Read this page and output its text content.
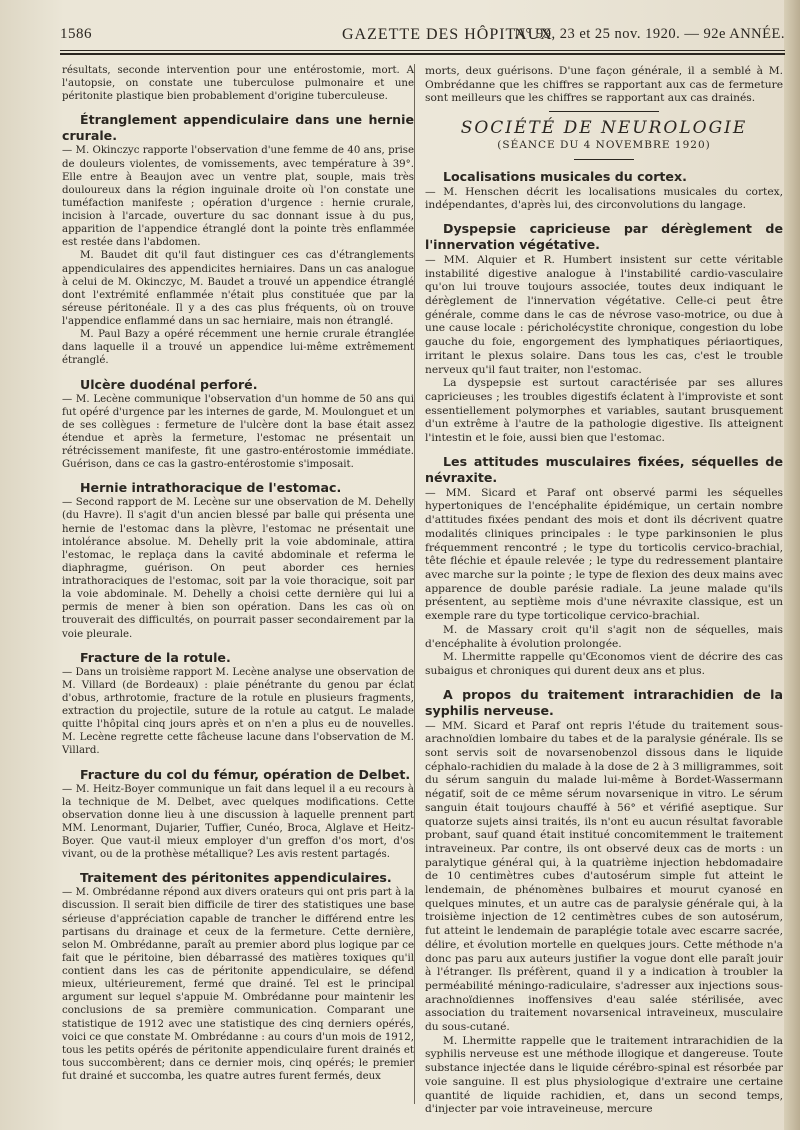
1586	GAZETTE DES HÔPITAUX
N° 99, 23 et 25 nov. 1920. — 92e ANNÉE.

résultats, seconde intervention pour une entérostomie, mort. A l'autopsie, on constate une tuberculose pulmonaire et une péritonite plastique bien probablement d'origine tuberculeuse.

Étranglement appendiculaire dans une hernie crurale.

— M. Okinczyc rapporte l'observation d'une femme de 40 ans, prise de douleurs violentes, de vomissements, avec température à 39°. Elle entre à Beaujon avec un ventre plat, souple, mais très douloureux dans la région inguinale droite où l'on constate une tuméfaction manifeste ; opération d'urgence : hernie crurale, incision à l'arcade, ouverture du sac donnant issue à du pus, apparition de l'appendice étranglé dont la pointe très enflammée est restée dans l'abdomen.

M. Baudet dit qu'il faut distinguer ces cas d'étranglements appendiculaires des appendicites herniaires. Dans un cas analogue à celui de M. Okinczyc, M. Baudet a trouvé un appendice étranglé dont l'extrémité enflammée n'était plus constituée que par la séreuse péritonéale. Il y a des cas plus fréquents, où on trouve l'appendice enflammé dans un sac herniaire, mais non étranglé.

M. Paul Bazy a opéré récemment une hernie crurale étranglée dans laquelle il a trouvé un appendice lui-même extrêmement étranglé.

Ulcère duodénal perforé.

— M. Lecène communique l'observation d'un homme de 50 ans qui fut opéré d'urgence par les internes de garde, M. Moulonguet et un de ses collègues : fermeture de l'ulcère dont la base était assez étendue et après la fermeture, l'estomac ne présentait un rétrécissement manifeste, fit une gastro-entérostomie immédiate. Guérison, dans ce cas la gastro-entérostomie s'imposait.

Hernie intrathoracique de l'estomac.

— Second rapport de M. Lecène sur une observation de M. Dehelly (du Havre). Il s'agit d'un ancien blessé par balle qui présenta une hernie de l'estomac dans la plèvre, l'estomac ne présentait une intolérance absolue. M. Dehelly prit la voie abdominale, attira l'estomac, le replaça dans la cavité abdominale et referma le diaphragme, guérison. On peut aborder ces hernies intrathoraciques de l'estomac, soit par la voie thoracique, soit par la voie abdominale. M. Dehelly a choisi cette dernière qui lui a permis de mener à bien son opération. Dans les cas où on trouverait des difficultés, on pourrait passer secondairement par la voie pleurale.

Fracture de la rotule.

— Dans un troisième rapport M. Lecène analyse une observation de M. Villard (de Bordeaux) : plaie pénétrante du genou par éclat d'obus, arthrotomie, fracture de la rotule en plusieurs fragments, extraction du projectile, suture de la rotule au catgut. Le malade quitte l'hôpital cinq jours après et on n'en a plus eu de nouvelles. M. Lecène regrette cette fâcheuse lacune dans l'observation de M. Villard.

Fracture du col du fémur, opération de Delbet.

— M. Heitz-Boyer communique un fait dans lequel il a eu recours à la technique de M. Delbet, avec quelques modifications. Cette observation donne lieu à une discussion à laquelle prennent part MM. Lenormant, Dujarier, Tuffier, Cunéo, Broca, Alglave et Heitz-Boyer. Que vaut-il mieux employer d'un greffon d'os mort, d'os vivant, ou de la prothèse métallique? Les avis restent partagés.

Traitement des péritonites appendiculaires.

— M. Ombrédanne répond aux divers orateurs qui ont pris part à la discussion. Il serait bien difficile de tirer des statistiques une base sérieuse d'appréciation capable de trancher le différend entre les partisans du drainage et ceux de la fermeture. Cette dernière, selon M. Ombrédanne, paraît au premier abord plus logique par ce fait que le péritoine, bien débarrassé des matières toxiques qu'il contient dans les cas de péritonite appendiculaire, se défend mieux, ultérieurement, fermé que drainé. Tel est le principal argument sur lequel s'appuie M. Ombrédanne pour maintenir les conclusions de sa première communication. Comparant une statistique de 1912 avec une statistique des cinq derniers opérés, voici ce que constate M. Ombrédanne : au cours d'un mois de 1912, tous les petits opérés de péritonite appendiculaire furent drainés et tous succombèrent; dans ce dernier mois, cinq opérés; le premier fut drainé et succomba, les quatre autres furent fermés, deux

morts, deux guérisons. D'une façon générale, il a semblé à M. Ombrédanne que les chiffres se rapportant aux cas de fermeture sont meilleurs que les chiffres se rapportant aux cas drainés.

SOCIÉTÉ DE NEUROLOGIE
(SÉANCE DU 4 NOVEMBRE 1920)
Localisations musicales du cortex.

— M. Henschen décrit les localisations musicales du cortex, indépendantes, d'après lui, des circonvolutions du langage.

Dyspepsie capricieuse par dérèglement de l'innervation végétative.

— MM. Alquier et R. Humbert insistent sur cette véritable instabilité digestive analogue à l'instabilité cardio-vasculaire qu'on lui trouve toujours associée, toutes deux indiquant le dérèglement de l'innervation végétative. Celle-ci peut être générale, comme dans le cas de névrose vaso-motrice, ou due à une cause locale : péricholécystite chronique, congestion du lobe gauche du foie, engorgement des lymphatiques périaortiques, irritant le plexus solaire. Dans tous les cas, c'est le trouble nerveux qu'il faut traiter, non l'estomac.

La dyspepsie est surtout caractérisée par ses allures capricieuses ; les troubles digestifs éclatent à l'improviste et sont essentiellement polymorphes et variables, sautant brusquement d'un extrême à l'autre de la pathologie digestive. Ils atteignent l'intestin et le foie, aussi bien que l'estomac.

Les attitudes musculaires fixées, séquelles de névraxite.

— MM. Sicard et Paraf ont observé parmi les séquelles hypertoniques de l'encéphalite épidémique, un certain nombre d'attitudes fixées pendant des mois et dont ils décrivent quatre modalités cliniques principales : le type parkinsonien le plus fréquemment rencontré ; le type du torticolis cervico-brachial, tête fléchie et épaule relevée ; le type du redressement plantaire avec marche sur la pointe ; le type de flexion des deux mains avec apparence de double parésie radiale. La jeune malade qu'ils présentent, au septième mois d'une névraxite classique, est un exemple rare du type torticolique cervico-brachial.

M. de Massary croit qu'il s'agit non de séquelles, mais d'encéphalite à évolution prolongée.

M. Lhermitte rappelle qu'Œconomos vient de décrire des cas subaigus et chroniques qui durent deux ans et plus.

A propos du traitement intrarachidien de la syphilis nerveuse.

— MM. Sicard et Paraf ont repris l'étude du traitement sous-arachnoïdien lombaire du tabes et de la paralysie générale. Ils se sont servis soit de novarsenobenzol dissous dans le liquide céphalo-rachidien du malade à la dose de 2 à 3 milligrammes, soit du sérum sanguin du malade lui-même à Bordet-Wassermann négatif, soit de ce même sérum novarsenique in vitro. Le sérum sanguin était toujours chauffé à 56° et vérifié aseptique. Sur quatorze sujets ainsi traités, ils n'ont eu aucun résultat favorable probant, sauf quand était institué concomitemment le traitement intraveineux. Par contre, ils ont observé deux cas de morts : un paralytique général qui, à la quatrième injection hebdomadaire de 10 centimètres cubes d'autosérum simple fut atteint le lendemain, de phénomènes bulbaires et mourut cyanosé en quelques minutes, et un autre cas de paralysie générale qui, à la troisième injection de 12 centimètres cubes de son autosérum, fut atteint le lendemain de paraplégie totale avec escarre sacrée, délire, et évolution mortelle en quelques jours. Cette méthode n'a donc pas paru aux auteurs justifier la vogue dont elle paraît jouir à l'étranger. Ils préfèrent, quand il y a indication à troubler la perméabilité méningo-radiculaire, s'adresser aux injections sous-arachnoïdiennes inoffensives d'eau salée stérilisée, avec association du traitement novarsenical intraveineux, musculaire du sous-cutané.

M. Lhermitte rappelle que le traitement intrarachidien de la syphilis nerveuse est une méthode illogique et dangereuse. Toute substance injectée dans le liquide cérébro-spinal est résorbée par voie sanguine. Il est plus physiologique d'extraire une certaine quantité de liquide rachidien, et, dans un second temps, d'injecter par voie intraveineuse, mercure
